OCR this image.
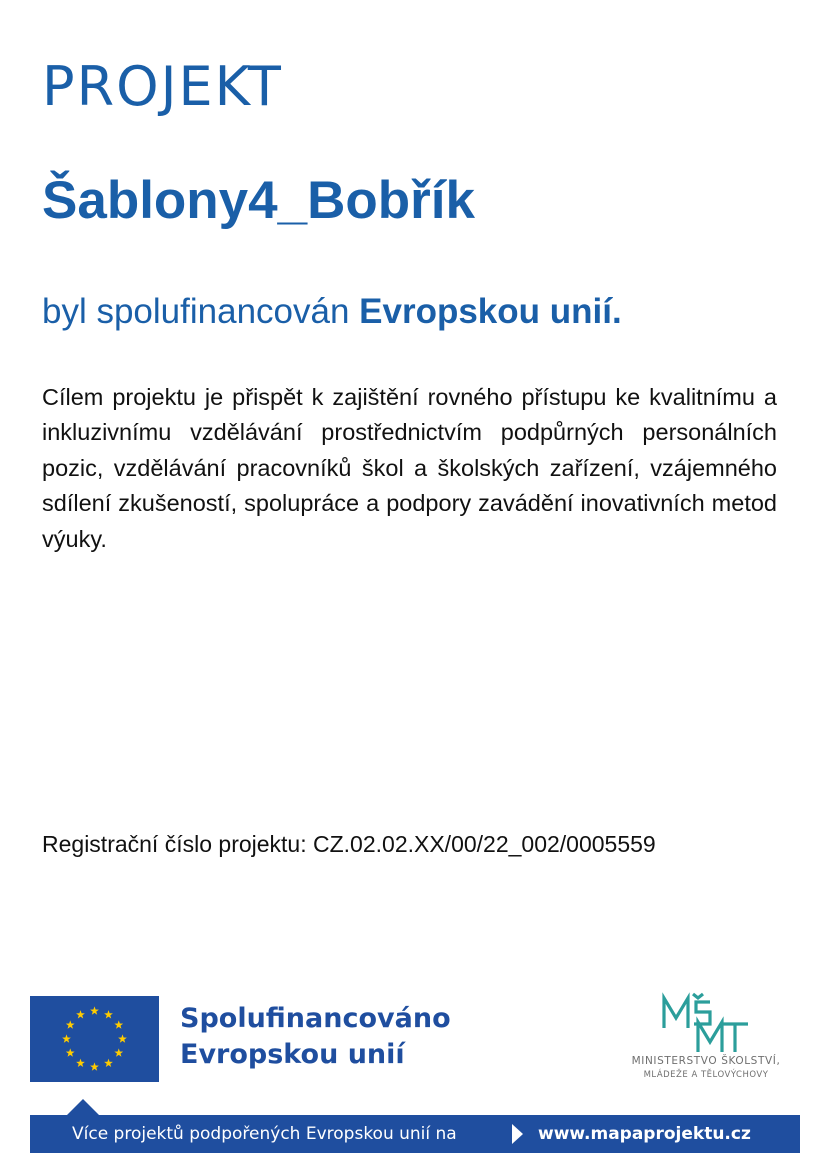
PROJEKT
Šablony4_Bobřík
byl spolufinancován Evropskou unií.
Cílem projektu je přispět k zajištění rovného přístupu ke kvalitnímu a inkluzivnímu vzdělávání prostřednictvím podpůrných personálních pozic, vzdělávání pracovníků škol a školských zařízení, vzájemného sdílení zkušeností, spolupráce a podpory zavádění inovativních metod výuky.
Registrační číslo projektu: CZ.02.02.XX/00/22_002/0005559
Spolufinancováno
Evropskou unií	MINISTERSTVO ŠKOLSTVÍ,
MLÁDEŽE A TĚLOVÝCHOVY
Více projektů podpořených Evropskou unií na	www.mapaprojektu.cz
